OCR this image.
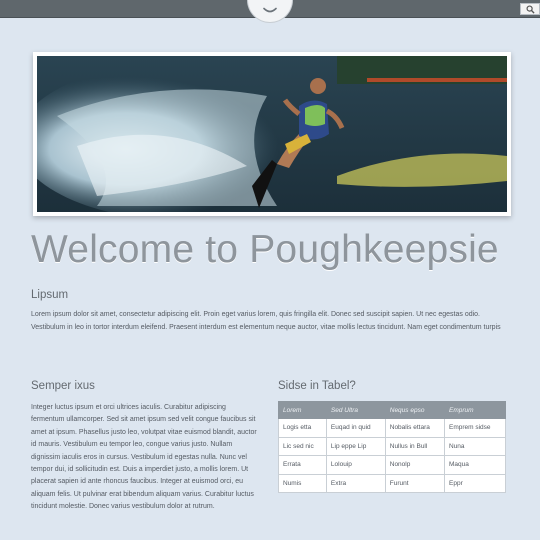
Welcome to Poughkeepsie
Lipsum

Lorem ipsum dolor sit amet, consectetur adipiscing elit. Proin eget varius lorem, quis fringilla elit. Donec sed suscipit sapien. Ut nec egestas odio. Vestibulum in leo in tortor interdum eleifend. Praesent interdum est elementum neque auctor, vitae mollis lectus tincidunt. Nam eget condimentum turpis

Semper ixus

Integer luctus ipsum et orci ultrices iaculis. Curabitur adipiscing fermentum ullamcorper. Sed sit amet ipsum sed velit congue faucibus sit amet at ipsum. Phasellus justo leo, volutpat vitae euismod blandit, auctor id mauris. Vestibulum eu tempor leo, congue varius justo. Nullam dignissim iaculis eros in cursus. Vestibulum id egestas nulla. Nunc vel tempor dui, id sollicitudin est. Duis a imperdiet justo, a mollis lorem. Ut placerat sapien id ante rhoncus faucibus. Integer at euismod orci, eu aliquam felis. Ut pulvinar erat bibendum aliquam varius. Curabitur luctus tincidunt molestie. Donec varius vestibulum dolor at rutrum.

Sidse in Tabel?
Lorem	Sed Ultra	Nequs epso	Emprum
Logis etta	Euqad in quid	Nobalis ettara	Emprem sidse
Lic sed nic	Lip eppe Lip	Nullus in Bull	Nuna
Errata	Lolouip	Nonolp	Maqua
Numis	Extra	Furunt	Eppr
